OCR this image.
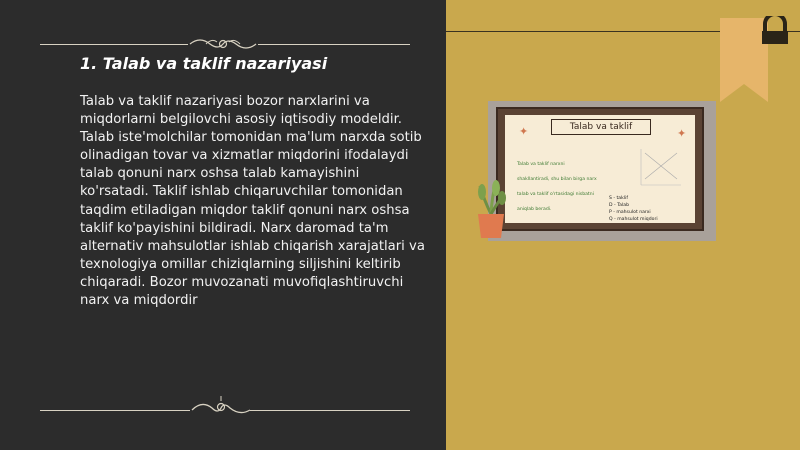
1. Talab va taklif nazariyasi
Talab va taklif nazariyasi bozor narxlarini va miqdorlarni belgilovchi asosiy iqtisodiy modeldir. Talab iste'molchilar tomonidan ma'lum narxda sotib olinadigan tovar va xizmatlar miqdorini ifodalaydi talab qonuni narx oshsa talab kamayishini ko'rsatadi. Taklif ishlab chiqaruvchilar tomonidan taqdim etiladigan miqdor taklif qonuni narx oshsa taklif ko'payishini bildiradi. Narx daromad ta'm alternativ mahsulotlar ishlab chiqarish xarajatlari va texnologiya omillar chiziqlarning siljishini keltirib chiqaradi. Bozor muvozanati muvofiqlashtiruvchi narx va miqdordir
Talab va taklif
✦	✦
Talab va taklif narxni shakllantiradi, shu bilan birga narx talab va taklif o'rtasidagi nisbatni aniqlab beradi.
S - taklif
D - Talab
P - mahsulot narxi
Q - mahsulot miqdori
